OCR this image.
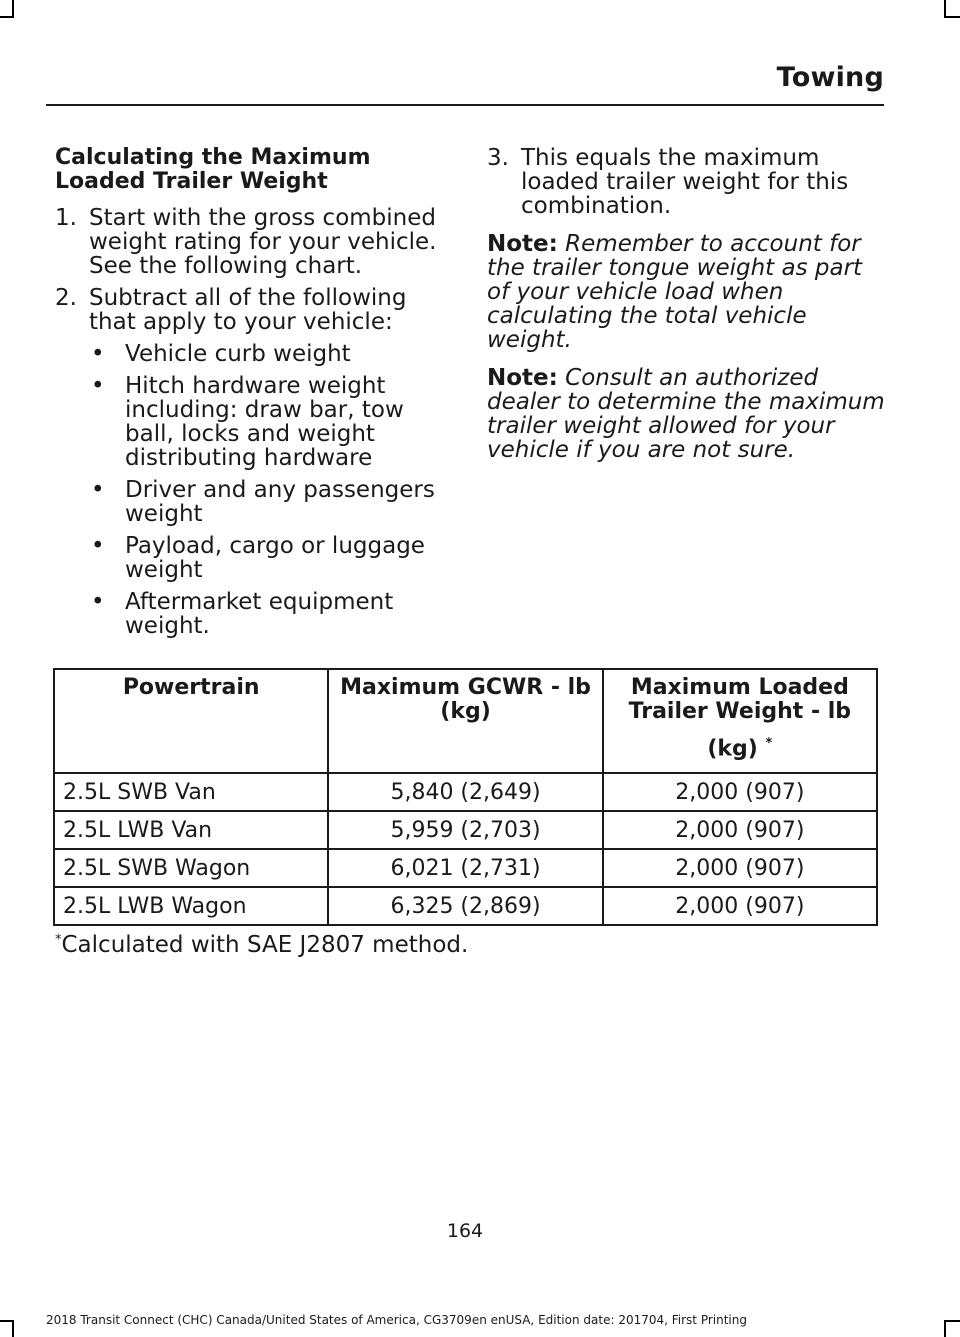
Towing
Calculating the Maximum Loaded Trailer Weight
1. Start with the gross combined weight rating for your vehicle. See the following chart.
2. Subtract all of the following that apply to your vehicle:
• Vehicle curb weight
• Hitch hardware weight including: draw bar, tow ball, locks and weight distributing hardware
• Driver and any passengers weight
• Payload, cargo or luggage weight
• Aftermarket equipment weight.
3. This equals the maximum loaded trailer weight for this combination.
Note: Remember to account for the trailer tongue weight as part of your vehicle load when calculating the total vehicle weight.
Note: Consult an authorized dealer to determine the maximum trailer weight allowed for your vehicle if you are not sure.
Powertrain	Maximum GCWR - lb (kg)	Maximum Loaded Trailer Weight - lb
(kg) *

2.5L SWB Van	5,840 (2,649)	2,000 (907)
2.5L LWB Van	5,959 (2,703)	2,000 (907)
2.5L SWB Wagon	6,021 (2,731)	2,000 (907)
2.5L LWB Wagon	6,325 (2,869)	2,000 (907)
*Calculated with SAE J2807 method.
164
2018 Transit Connect (CHC) Canada/United States of America, CG3709en enUSA, Edition date: 201704, First Printing
